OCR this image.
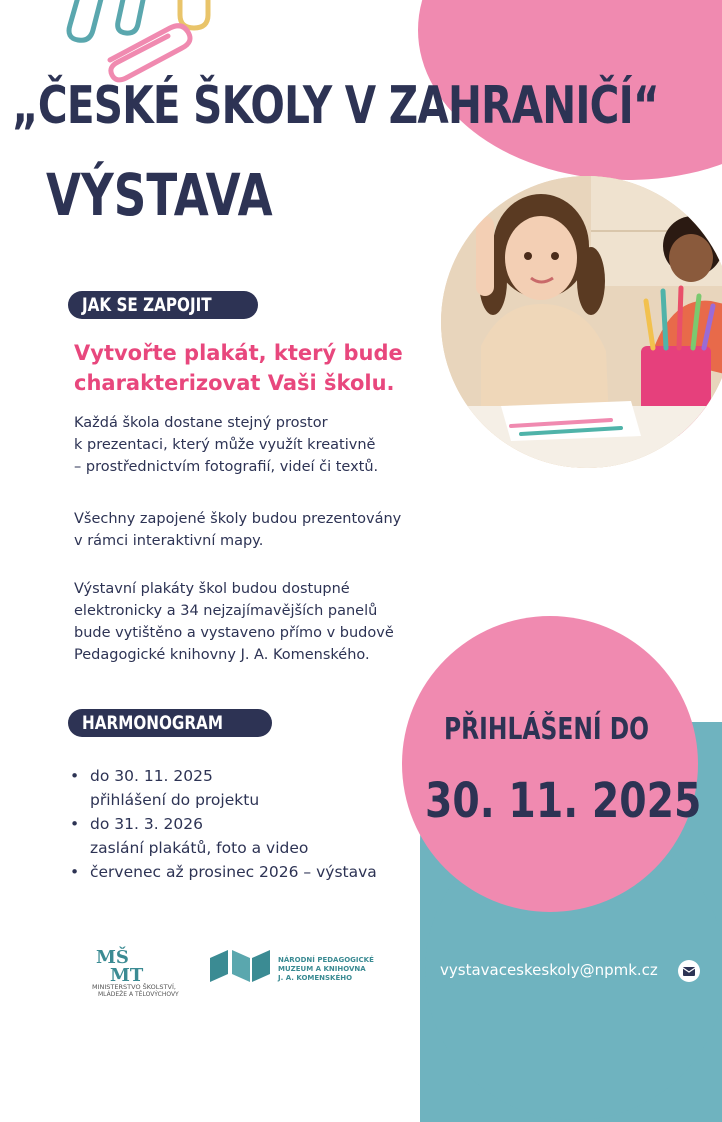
„ČESKÉ ŠKOLY V ZAHRANIČÍ“
VÝSTAVA
JAK SE ZAPOJIT
Vytvořte plakát, který bude
charakterizovat Vaši školu.
Každá škola dostane stejný prostor
k prezentaci, který může využít kreativně
– prostřednictvím fotografií, videí či textů.
Všechny zapojené školy budou prezentovány
v rámci interaktivní mapy.
Výstavní plakáty škol budou dostupné
elektronicky a 34 nejzajímavějších panelů
bude vytištěno a vystaveno přímo v budově
Pedagogické knihovny J. A. Komenského.
HARMONOGRAM
• do 30. 11. 2025
přihlášení do projektu
• do 31. 3. 2026
zaslání plakátů, foto a video
• červenec až prosinec 2026 – výstava
PŘIHLÁŠENÍ DO
30. 11. 2025
MŠ
MT
MINISTERSTVO ŠKOLSTVÍ,
MLÁDEŽE A TĚLOVÝCHOVY
NÁRODNÍ PEDAGOGICKÉ
MUZEUM A KNIHOVNA
J. A. KOMENSKÉHO	vystavaceskeskoly@npmk.cz
